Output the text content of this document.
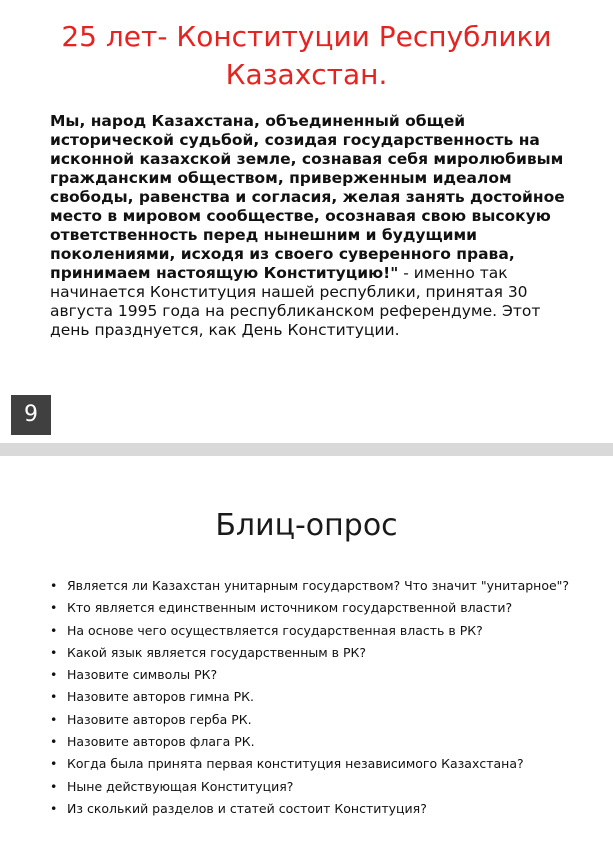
25 лет- Конституции Республики Казахстан.

Мы, народ Казахстана, объединенный общей исторической судьбой, созидая государственность на исконной казахской земле, сознавая себя миролюбивым гражданским обществом, приверженным идеалом свободы, равенства и согласия, желая занять достойное место в мировом сообществе, осознавая свою высокую ответственность перед нынешним и будущими поколениями, исходя из своего суверенного права, принимаем настоящую Конституцию!" - именно так начинается Конституция нашей республики, принятая 30 августа 1995 года на республиканском референдуме. Этот день празднуется, как День Конституции.

9
Блиц-опрос
• Является ли Казахстан унитарным государством? Что значит "унитарное"?
• Кто является единственным источником государственной власти?
• На основе чего осуществляется государственная власть в РК?
• Какой язык является государственным в РК?
• Назовите символы РК?
• Назовите авторов гимна РК.
• Назовите авторов герба РК.
• Назовите авторов флага РК.
• Когда была принята первая конституция независимого Казахстана?
• Ныне действующая Конституция?
• Из сколький разделов и статей состоит Конституция?
